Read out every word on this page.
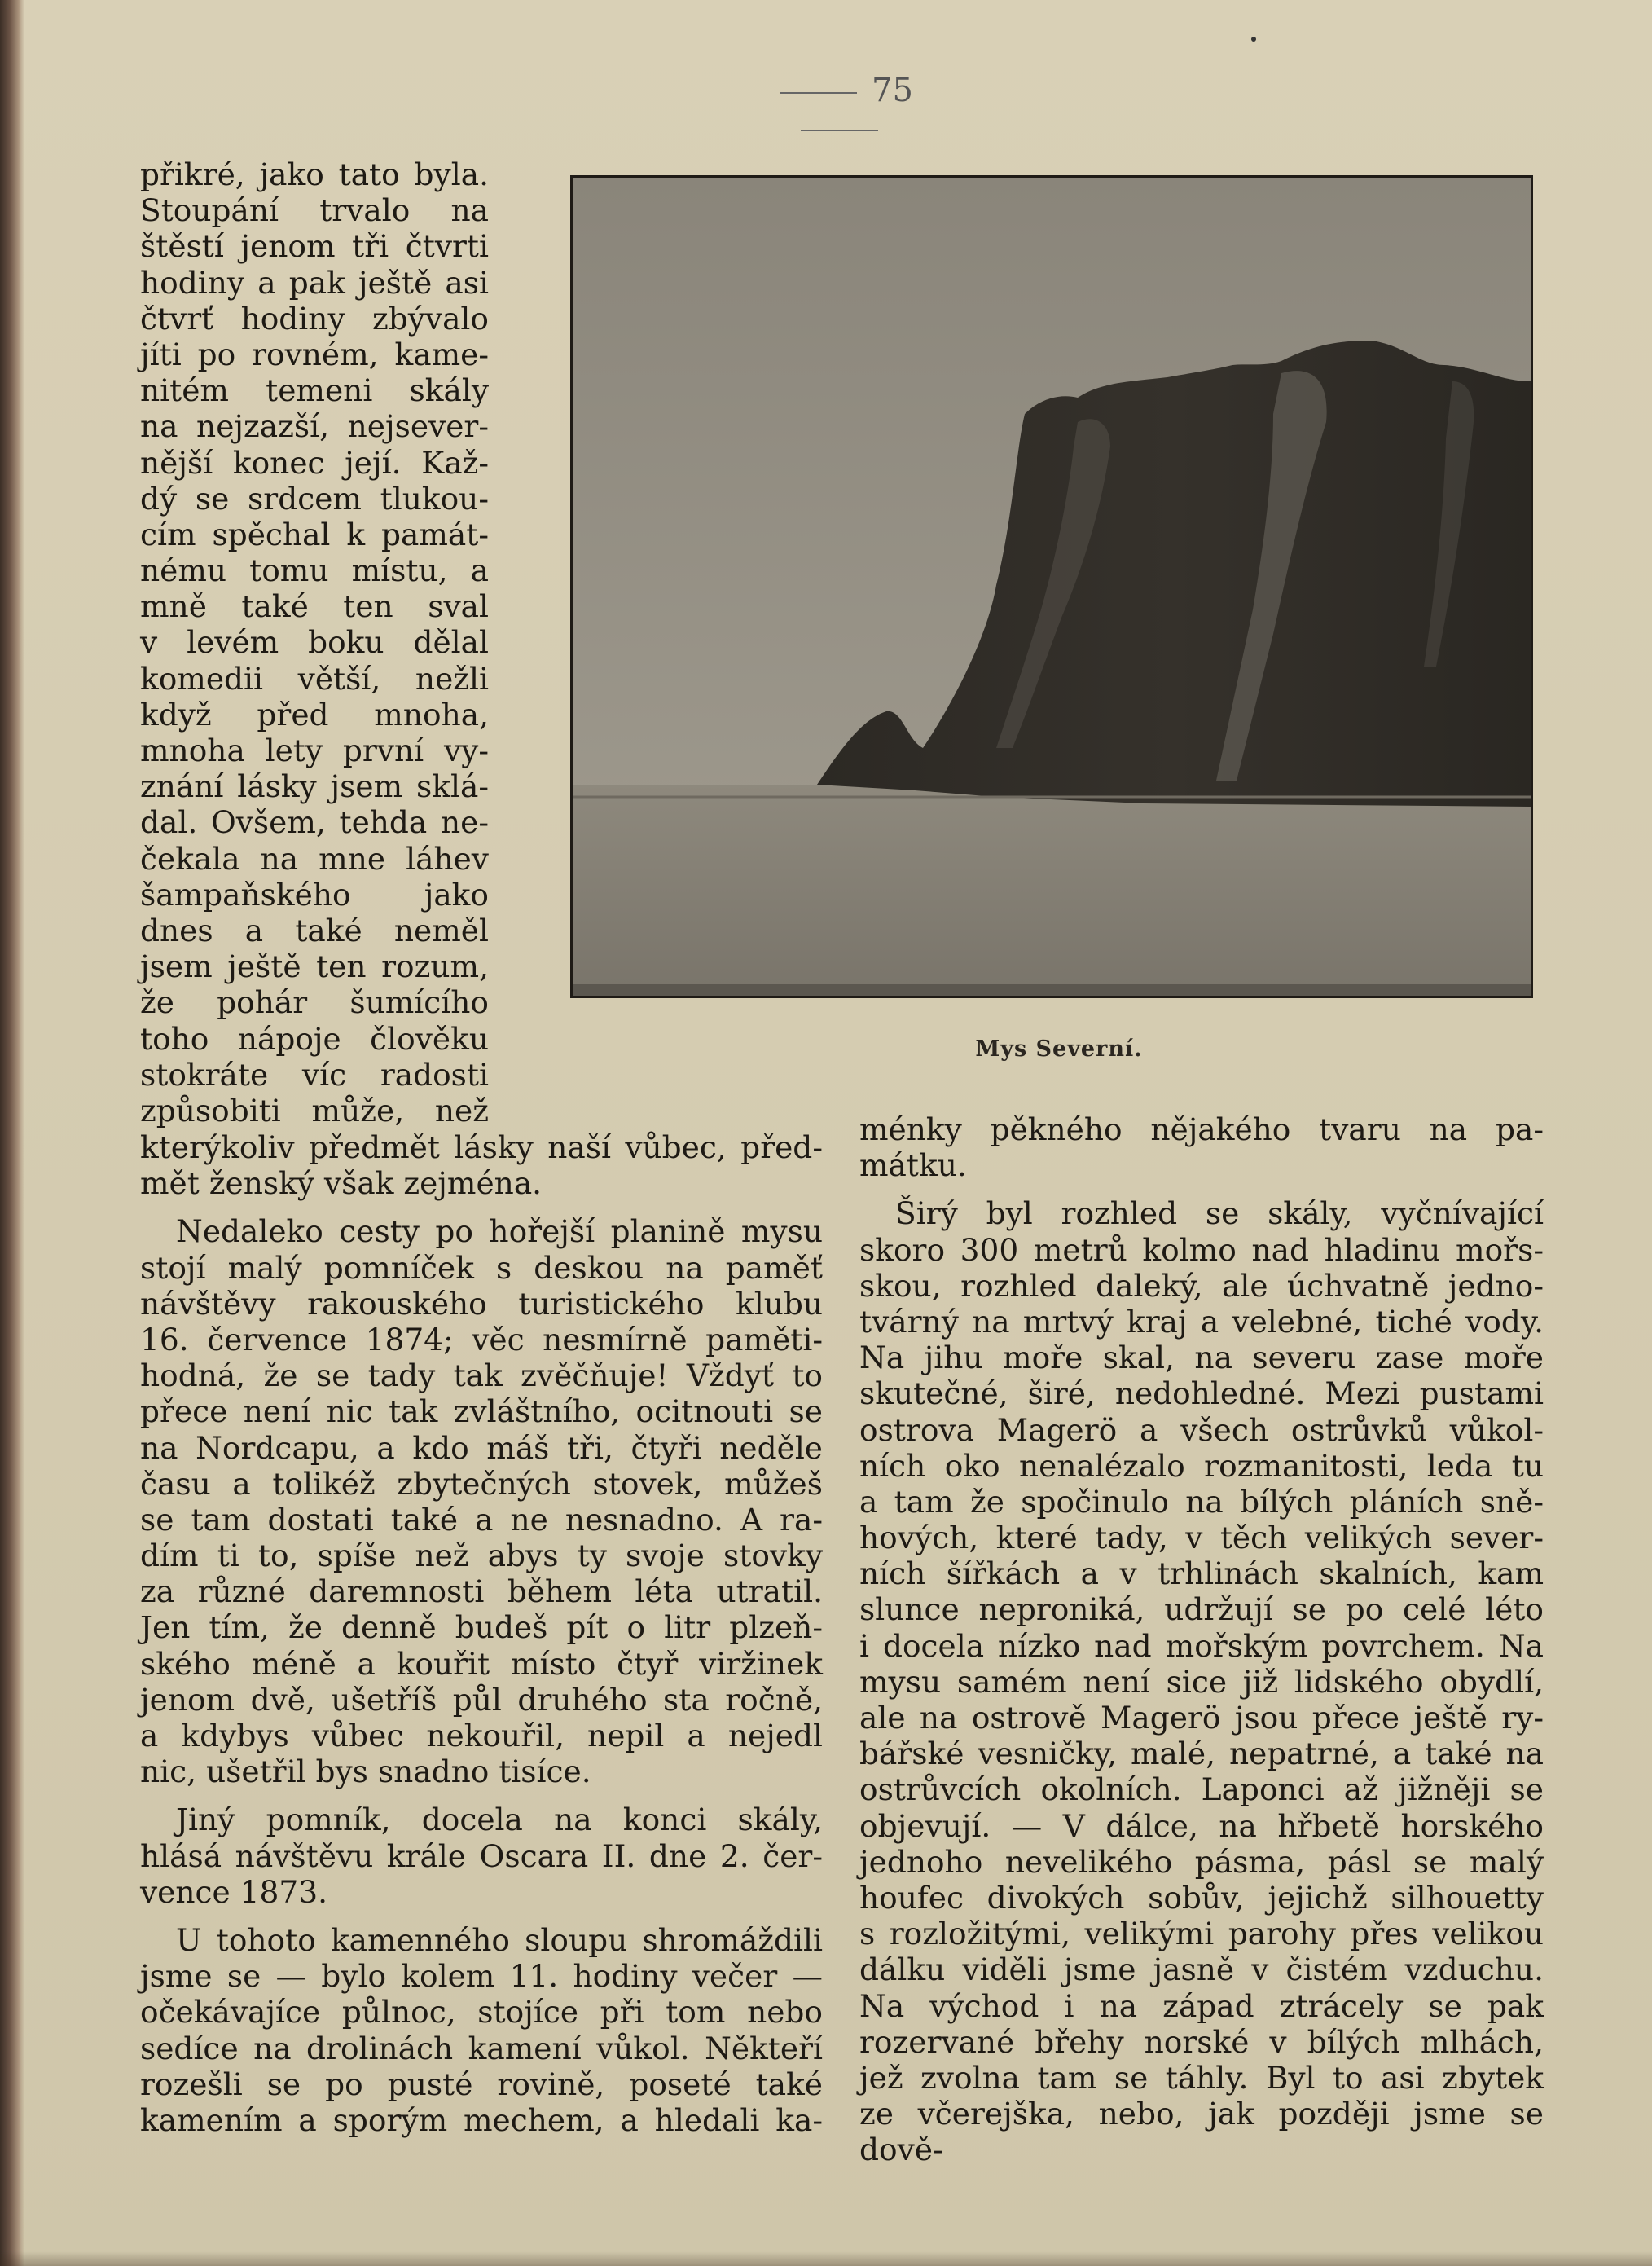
75
Mys Severní.
přikré, jako tato byla.
Stoupání trvalo na
štěstí jenom tři čtvrti
hodiny a pak ještě asi
čtvrť hodiny zbývalo
jíti po rovném, kame-
nitém temeni skály
na nejzazší, nejsever-
nější konec její. Kaž-
dý se srdcem tlukou-
cím spěchal k památ-
nému tomu místu, a
mně také ten sval
v levém boku dělal
komedii větší, nežli
když před mnoha,
mnoha lety první vy-
znání lásky jsem sklá-
dal. Ovšem, tehda ne-
čekala na mne láhev
šampaňského jako
dnes a také neměl
jsem ještě ten rozum,
že pohár šumícího
toho nápoje člověku
stokráte víc radosti
způsobiti může, než
kterýkoliv předmět lásky naší vůbec, před-
mět ženský však zejména.
Nedaleko cesty po hořejší planině mysu
stojí malý pomníček s deskou na paměť
návštěvy rakouského turistického klubu
16. července 1874; věc nesmírně paměti-
hodná, že se tady tak zvěčňuje! Vždyť to
přece není nic tak zvláštního, ocitnouti se
na Nordcapu, a kdo máš tři, čtyři neděle
času a tolikéž zbytečných stovek, můžeš
se tam dostati také a ne nesnadno. A ra-
dím ti to, spíše než abys ty svoje stovky
za různé daremnosti během léta utratil.
Jen tím, že denně budeš pít o litr plzeň-
ského méně a kouřit místo čtyř viržinek
jenom dvě, ušetříš půl druhého sta ročně,
a kdybys vůbec nekouřil, nepil a nejedl
nic, ušetřil bys snadno tisíce.
Jiný pomník, docela na konci skály,
hlásá návštěvu krále Oscara II. dne 2. čer-
vence 1873.
U tohoto kamenného sloupu shromáždili
jsme se — bylo kolem 11. hodiny večer —
očekávajíce půlnoc, stojíce při tom nebo
sedíce na drolinách kamení vůkol. Někteří
rozešli se po pusté rovině, poseté také
kamením a sporým mechem, a hledali ka-
ménky pěkného nějakého tvaru na pa-
mátku.
Širý byl rozhled se skály, vyčnívající
skoro 300 metrů kolmo nad hladinu mořs-
skou, rozhled daleký, ale úchvatně jedno-
tvárný na mrtvý kraj a velebné, tiché vody.
Na jihu moře skal, na severu zase moře
skutečné, širé, nedohledné. Mezi pustami
ostrova Magerö a všech ostrůvků vůkol-
ních oko nenalézalo rozmanitosti, leda tu
a tam že spočinulo na bílých pláních sně-
hových, které tady, v těch velikých sever-
ních šířkách a v trhlinách skalních, kam
slunce neproniká, udržují se po celé léto
i docela nízko nad mořským povrchem. Na
mysu samém není sice již lidského obydlí,
ale na ostrově Magerö jsou přece ještě ry-
bářské vesničky, malé, nepatrné, a také na
ostrůvcích okolních. Laponci až jižněji se
objevují. — V dálce, na hřbetě horského
jednoho nevelikého pásma, pásl se malý
houfec divokých sobův, jejichž silhouetty
s rozložitými, velikými parohy přes velikou
dálku viděli jsme jasně v čistém vzduchu.
Na východ i na západ ztrácely se pak
rozervané břehy norské v bílých mlhách,
jež zvolna tam se táhly. Byl to asi zbytek
ze včerejška, nebo, jak později jsme se dově-
